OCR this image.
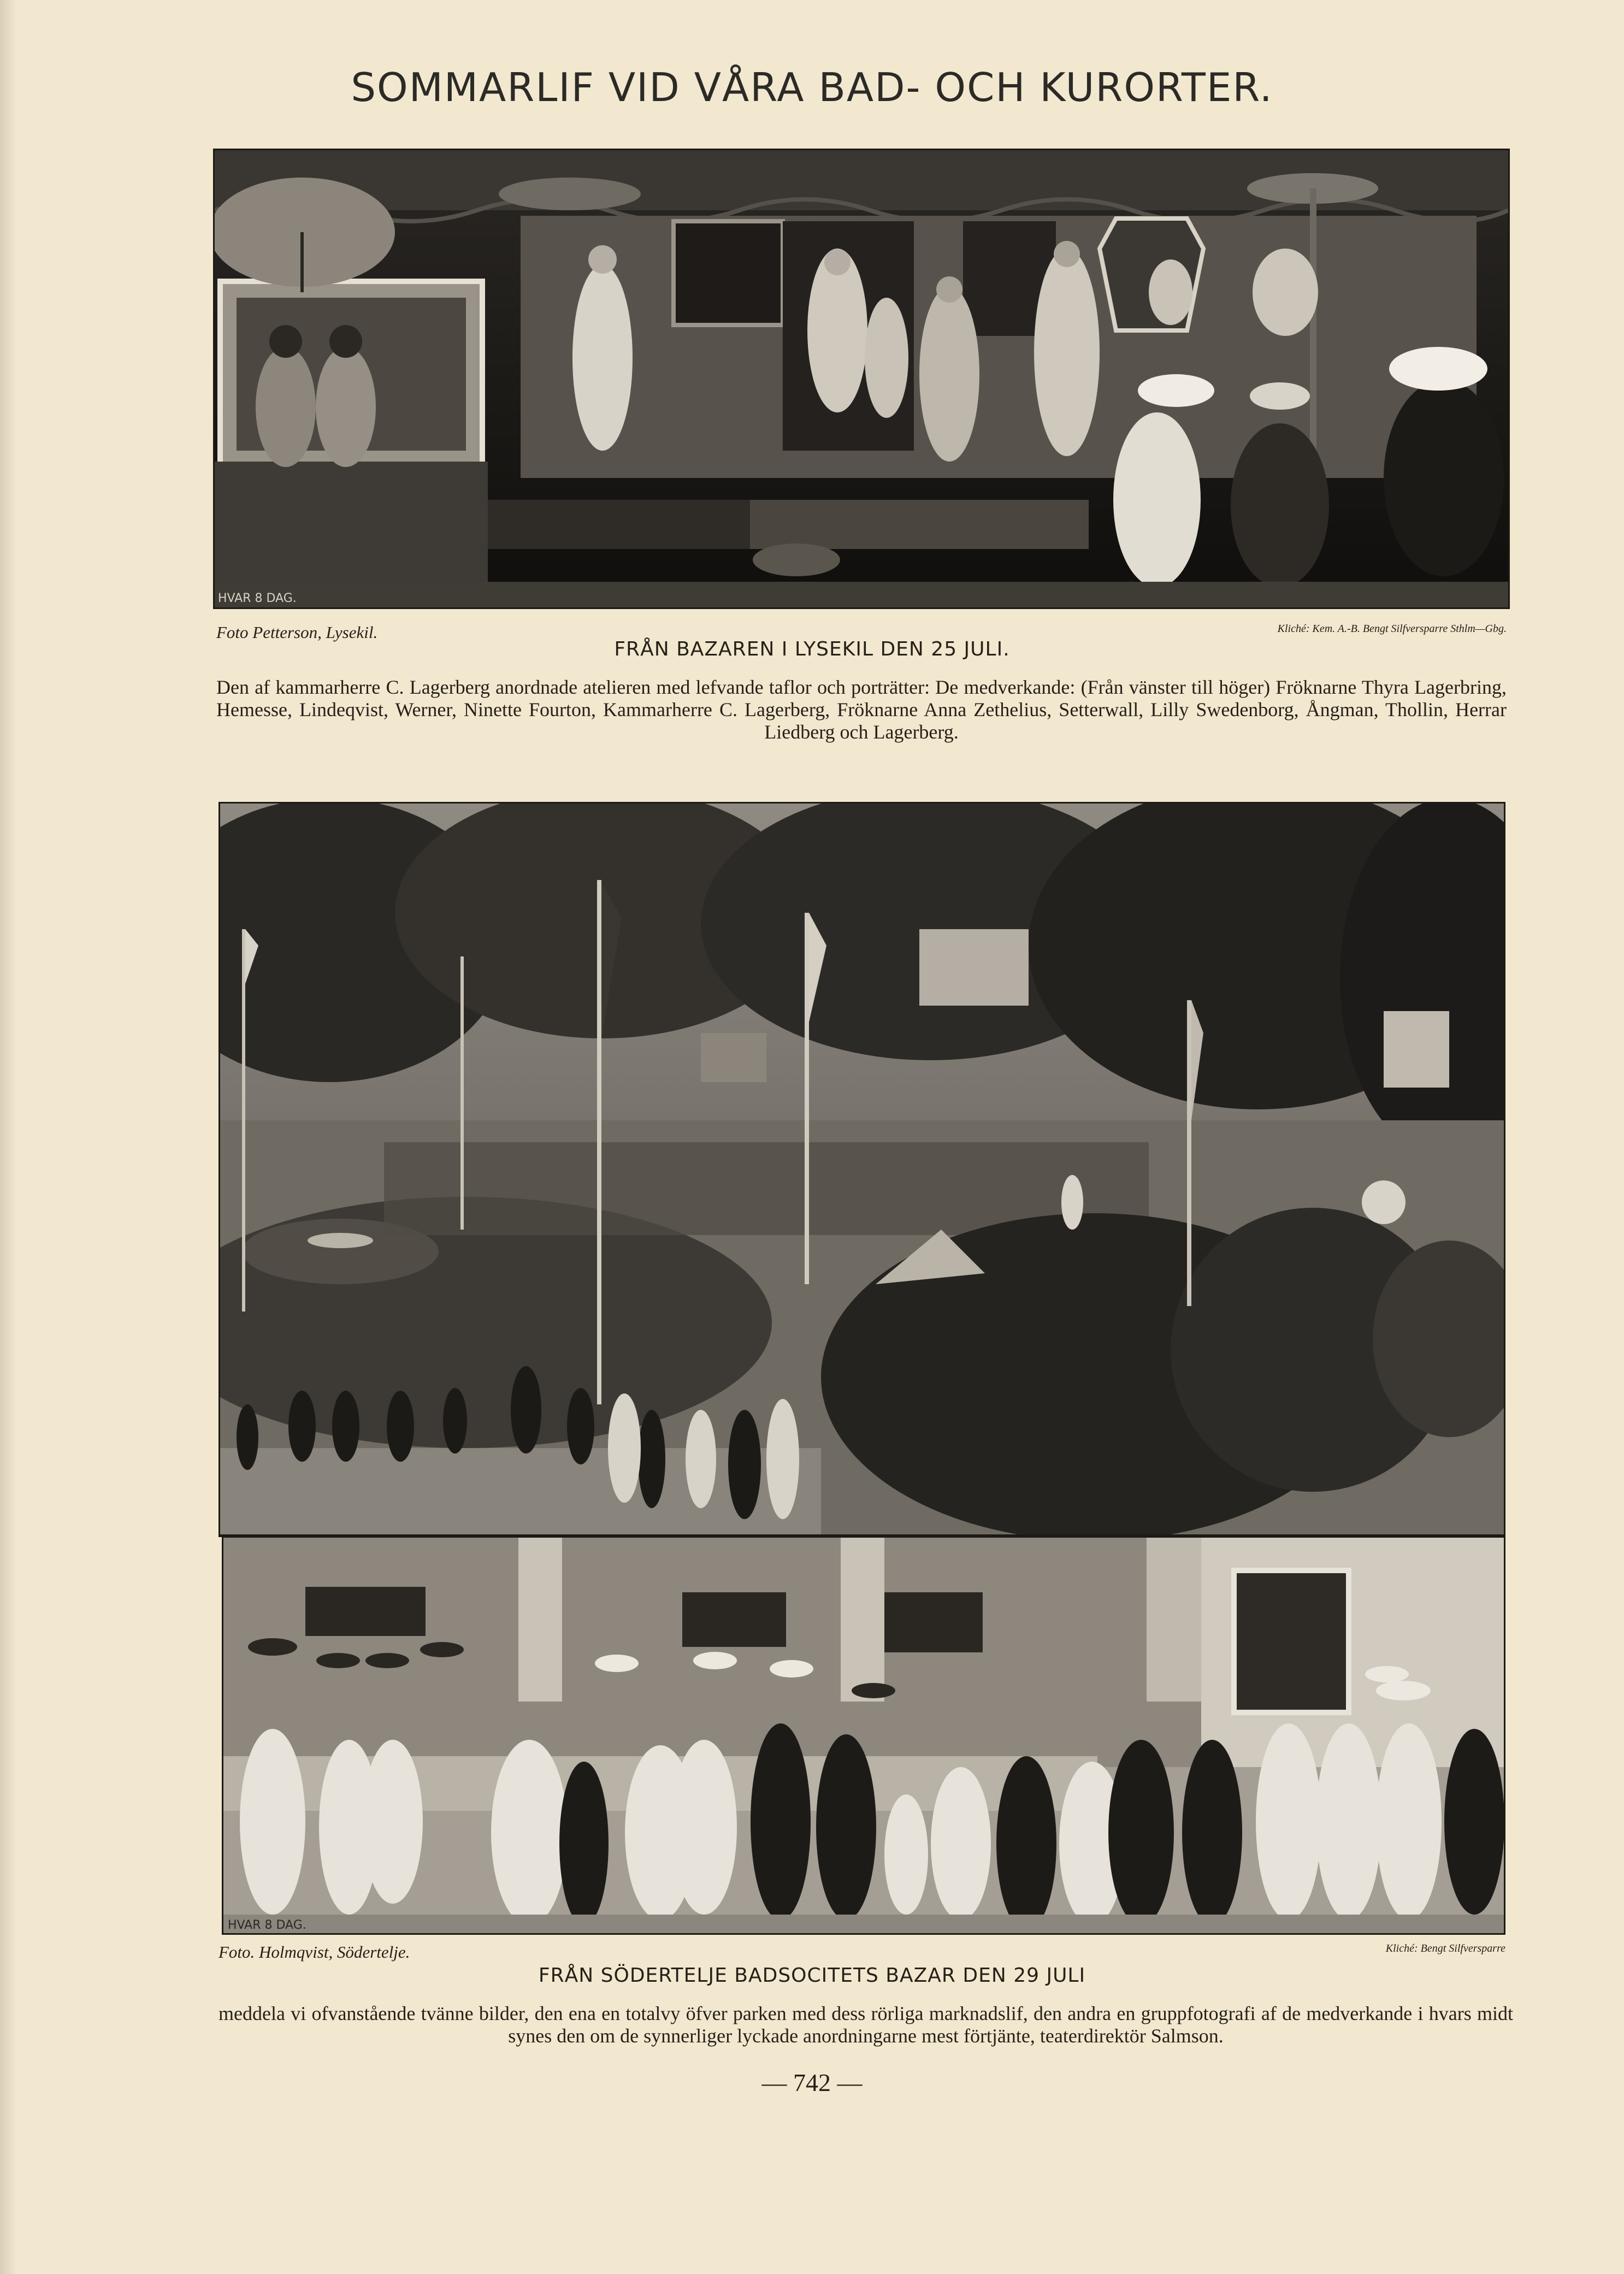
SOMMARLIF VID VÅRA BAD- OCH KURORTER.
HVAR 8 DAG.
Foto Petterson, Lysekil.	Kliché: Kem. A.-B. Bengt Silfversparre Sthlm—Gbg.
FRÅN BAZAREN I LYSEKIL DEN 25 JULI.
Den af kammarherre C. Lagerberg anordnade atelieren med lefvande taflor och porträtter: De medverkande: (Från vänster till höger) Fröknarne Thyra Lagerbring, Hemesse, Lindeqvist, Werner, Ninette Fourton, Kammarherre C. Lagerberg, Fröknarne Anna Zethelius, Setterwall, Lilly Swedenborg, Ångman, Thollin, Herrar Liedberg och Lagerberg.
HVAR 8 DAG.
Foto. Holmqvist, Södertelje.	Kliché: Bengt Silfversparre
FRÅN SÖDERTELJE BADSOCITETS BAZAR DEN 29 JULI
meddela vi ofvanstående tvänne bilder, den ena en totalvy öfver parken med dess rörliga marknadslif, den andra en gruppfotografi af de medverkande i hvars midt synes den om de synnerliger lyckade anordningarne mest förtjänte, teaterdirektör Salmson.
— 742 —
